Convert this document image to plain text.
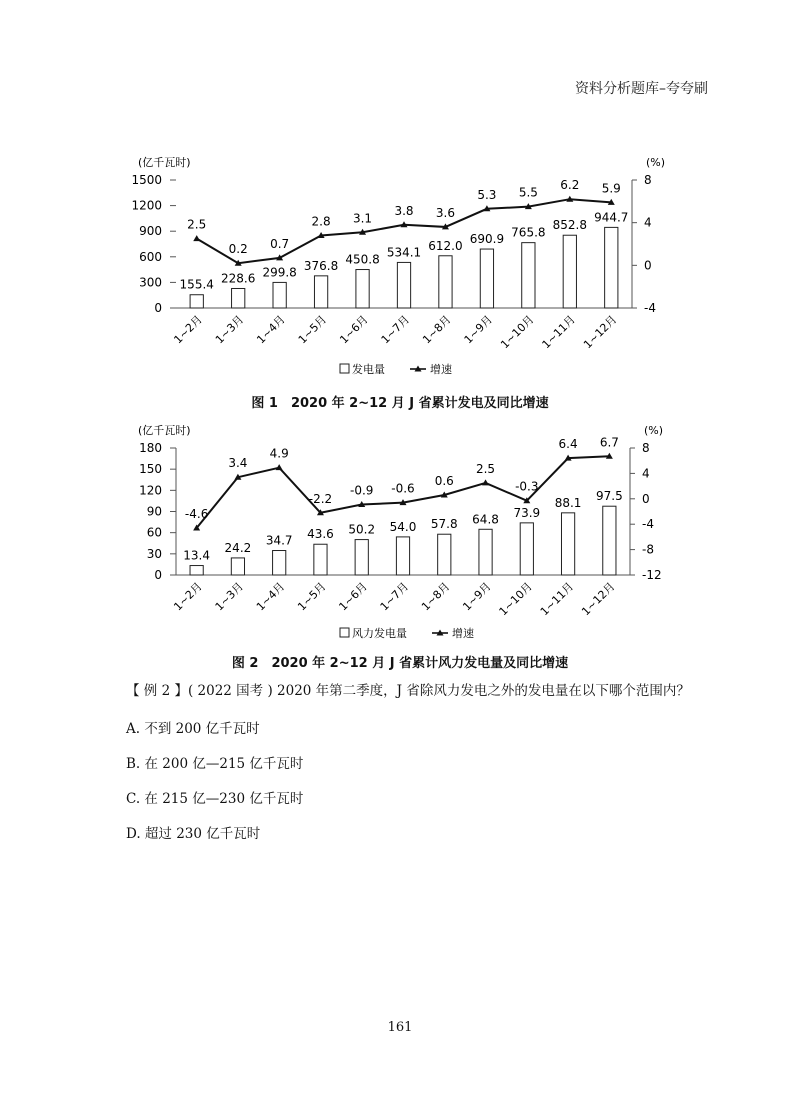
资料分析题库–夸夸刷
(亿千瓦时)	(%)
0
300
600
900
1200
1500
-4
0
4
8
155.4 228.6 299.8 376.8 450.8
534.1 612.0 690.9 765.8
852.8
944.7
2.5
0.2 0.7
2.8 3.1
3.8 3.6
5.3 5.5
6.2 5.9
1~2月 1~3月 1~4月 1~5月 1~6月 1~7月 1~8月 1~9月 1~10月 1~11月 1~12月
发电量	增速
图 1　2020 年 2~12 月 J 省累计发电及同比增速
(亿千瓦时)	(%)
0
30
60
90
120
150
180
-12
-8
-4
0
4
8
13.4
24.2
34.7 43.6 50.2 54.0 57.8 64.8 73.9
88.1 97.5
-4.6
3.4
4.9
-2.2
-0.9 -0.6
0.6
2.5
-0.3
6.4 6.7
1~2月 1~3月 1~4月 1~5月 1~6月 1~7月 1~8月 1~9月 1~10月 1~11月 1~12月
风力发电量	增速
图 2　2020 年 2~12 月 J 省累计风力发电量及同比增速
【 例 2 】( 2022 国考 ) 2020 年第二季度，J 省除风力发电之外的发电量在以下哪个范围内？
A. 不到 200 亿千瓦时
B. 在 200 亿—215 亿千瓦时
C. 在 215 亿—230 亿千瓦时
D. 超过 230 亿千瓦时
161
